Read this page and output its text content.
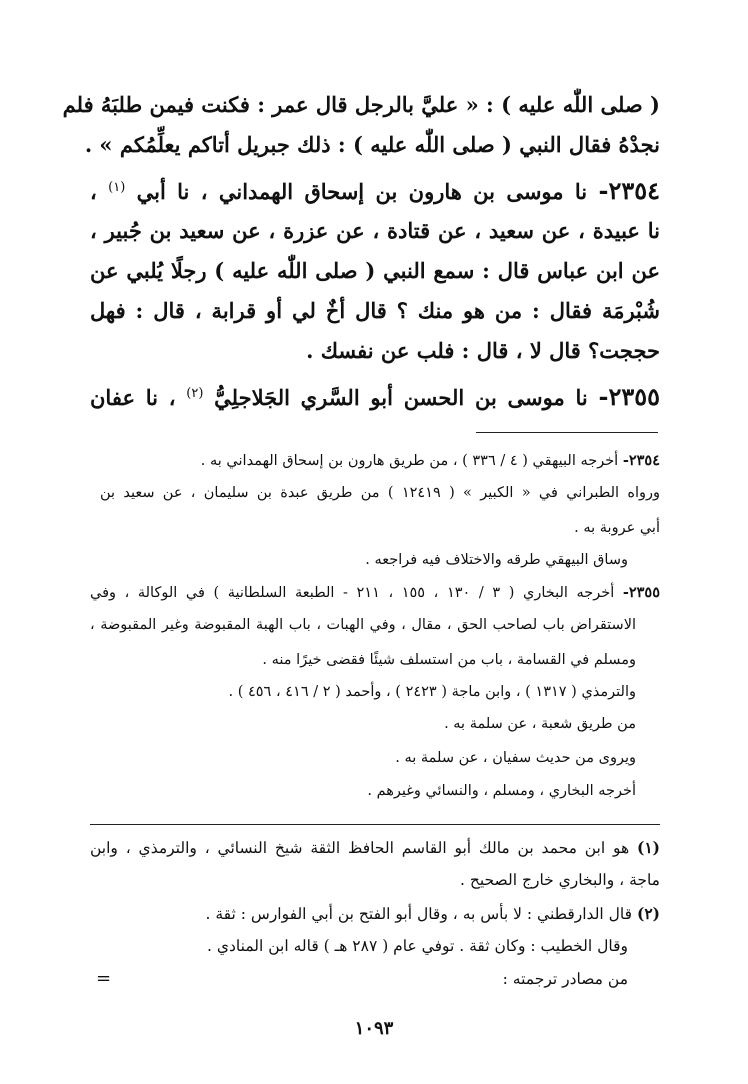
( صلى اللّٰه عليه ) : « عليَّ بالرجل قال عمر : فكنت فيمن طلبَهُ فلم
نجدْهُ فقال النبي ( صلى اللّٰه عليه ) : ذلك جبريل أتاكم يعلِّمُكم » .
٢٣٥٤- نا موسى بن هارون بن إسحاق الهمداني ، نا أبي $^{(١)}$ ،
نا عبيدة ، عن سعيد ، عن قتادة ، عن عزرة ، عن سعيد بن جُبير ،
عن ابن عباس قال : سمع النبي ( صلى اللّٰه عليه ) رجلًا يُلبي عن
شُبْرمَة فقال : من هو منك ؟ قال أخٌ لي أو قرابة ، قال : فهل
حججت؟ قال لا ، قال : فلب عن نفسك .
٢٣٥٥- نا موسى بن الحسن أبو السَّري الجَلاجلِيُّ $^{(٢)}$ ، نا عفان
٢٣٥٤- أخرجه البيهقي ( ٤ / ٣٣٦ ) ، من طريق هارون بن إسحاق الهمداني به .
ورواه الطبراني في « الكبير » ( ١٢٤١٩ ) من طريق عبدة بن سليمان ، عن سعيد بن
أبي عروبة به .
وساق البيهقي طرقه والاختلاف فيه فراجعه .
٢٣٥٥- أخرجه البخاري ( ٣ / ١٣٠ ، ١٥٥ ، ٢١١ - الطبعة السلطانية ) في الوكالة ، وفي
الاستقراض باب لصاحب الحق ، مقال ، وفي الهبات ، باب الهبة المقبوضة وغير المقبوضة ،
ومسلم في القسامة ، باب من استسلف شيئًا فقضى خيرًا منه .
والترمذي ( ١٣١٧ ) ، وابن ماجة ( ٢٤٢٣ ) ، وأحمد ( ٢ / ٤١٦ ، ٤٥٦ ) .
من طريق شعبة ، عن سلمة به .
ويروى من حديث سفيان ، عن سلمة به .
أخرجه البخاري ، ومسلم ، والنسائي وغيرهم .
(١) هو ابن محمد بن مالك أبو القاسم الحافظ الثقة شيخ النسائي ، والترمذي ، وابن
ماجة ، والبخاري خارج الصحيح .
(٢) قال الدارقطني : لا بأس به ، وقال أبو الفتح بن أبي الفوارس : ثقة .
وقال الخطيب : وكان ثقة . توفي عام ( ٢٨٧ هـ ) قاله ابن المنادي .
من مصادر ترجمته :
=
١٠٩٣
